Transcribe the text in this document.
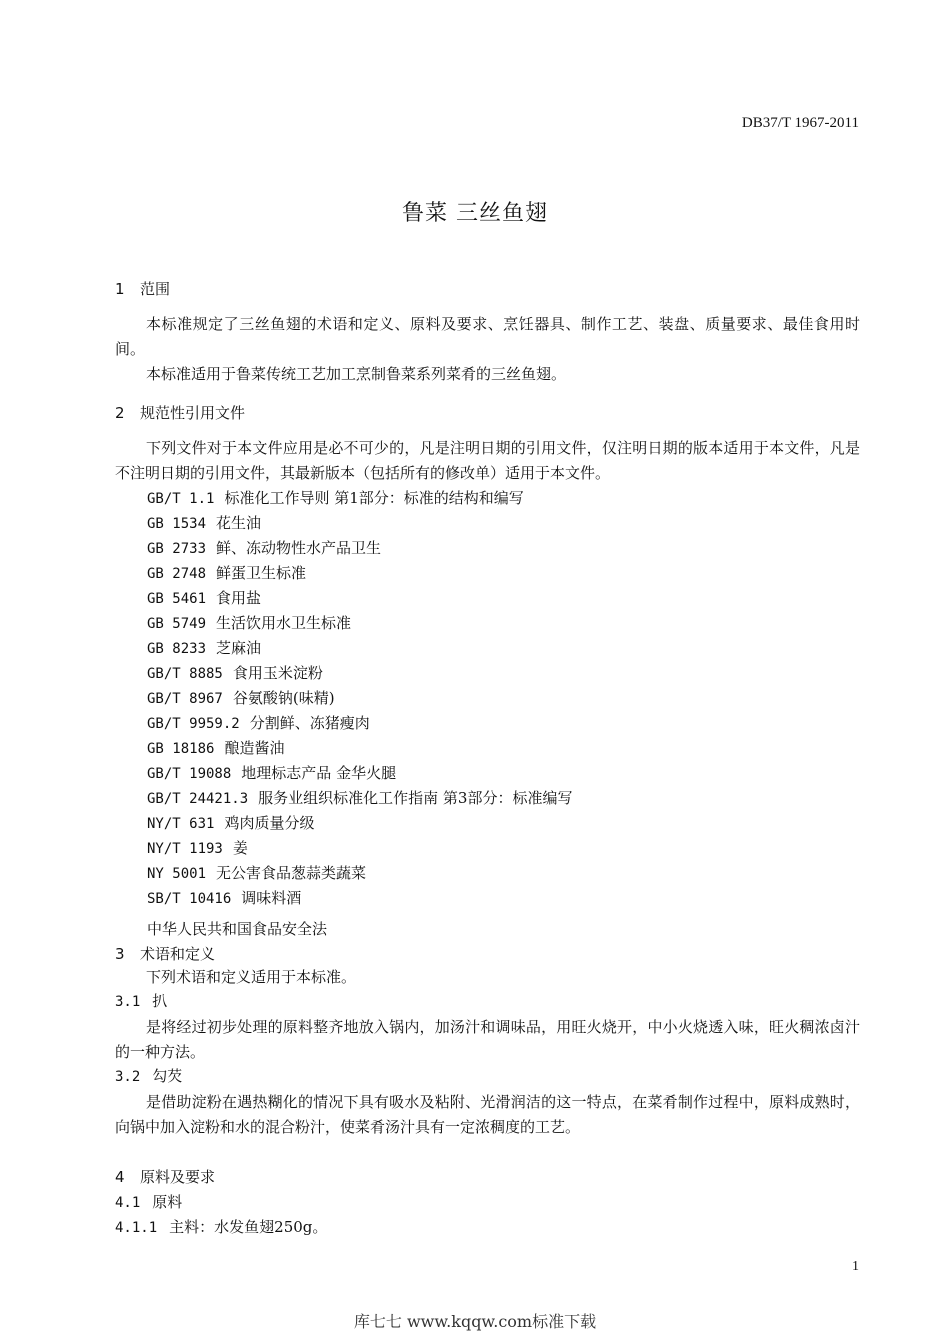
DB37/T 1967-2011
鲁菜 三丝鱼翅
1 范围
本标准规定了三丝鱼翅的术语和定义、原料及要求、烹饪器具、制作工艺、装盘、质量要求、最佳食用时间。
本标准适用于鲁菜传统工艺加工烹制鲁菜系列菜肴的三丝鱼翅。
2 规范性引用文件
下列文件对于本文件应用是必不可少的，凡是注明日期的引用文件，仅注明日期的版本适用于本文件，凡是不注明日期的引用文件，其最新版本（包括所有的修改单）适用于本文件。
GB/T 1.1 标准化工作导则 第1部分：标准的结构和编写
GB 1534 花生油
GB 2733 鲜、冻动物性水产品卫生
GB 2748 鲜蛋卫生标准
GB 5461 食用盐
GB 5749 生活饮用水卫生标准
GB 8233 芝麻油
GB/T 8885 食用玉米淀粉
GB/T 8967 谷氨酸钠(味精)
GB/T 9959.2 分割鲜、冻猪瘦肉
GB 18186 酿造酱油
GB/T 19088 地理标志产品 金华火腿
GB/T 24421.3 服务业组织标准化工作指南 第3部分：标准编写
NY/T 631 鸡肉质量分级
NY/T 1193 姜
NY 5001 无公害食品葱蒜类蔬菜
SB/T 10416 调味料酒
中华人民共和国食品安全法
3 术语和定义
下列术语和定义适用于本标准。
3.1 扒
是将经过初步处理的原料整齐地放入锅内，加汤汁和调味品，用旺火烧开，中小火烧透入味，旺火稠浓卤汁的一种方法。
3.2 勾芡
是借助淀粉在遇热糊化的情况下具有吸水及粘附、光滑润洁的这一特点，在菜肴制作过程中，原料成熟时，向锅中加入淀粉和水的混合粉汁，使菜肴汤汁具有一定浓稠度的工艺。
4 原料及要求
4.1 原料
4.1.1 主料：水发鱼翅250g。
1
库七七 www.kqqw.com标准下载
